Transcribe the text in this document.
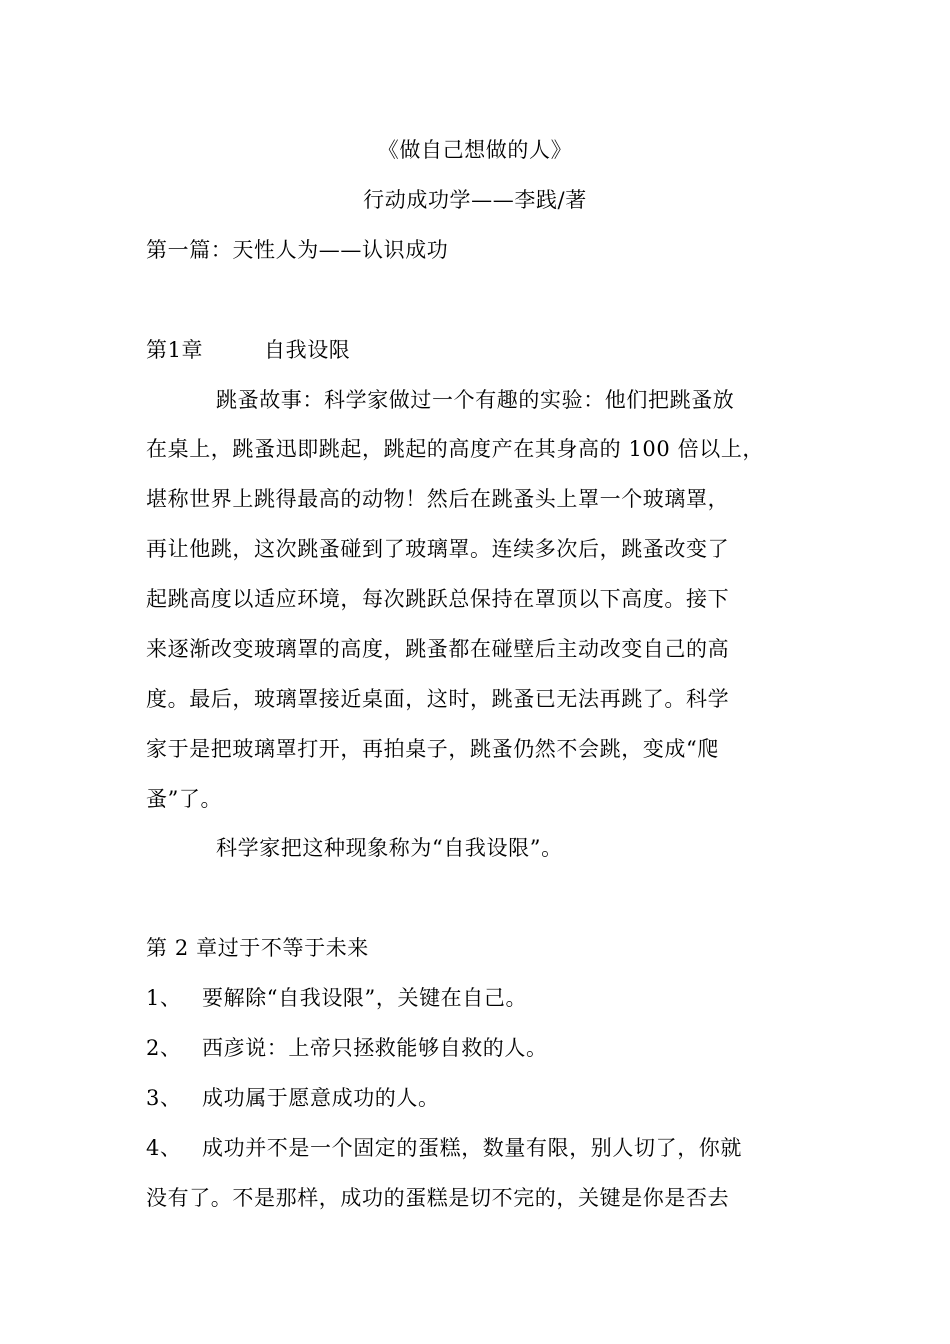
《做自己想做的人》
行动成功学——李践/著
第一篇：天性人为——认识成功
第1章	自我设限
跳蚤故事：科学家做过一个有趣的实验：他们把跳蚤放
在桌上，跳蚤迅即跳起，跳起的高度产在其身高的 100 倍以上，
堪称世界上跳得最高的动物！然后在跳蚤头上罩一个玻璃罩，
再让他跳，这次跳蚤碰到了玻璃罩。连续多次后，跳蚤改变了
起跳高度以适应环境，每次跳跃总保持在罩顶以下高度。接下
来逐渐改变玻璃罩的高度，跳蚤都在碰壁后主动改变自己的高
度。最后，玻璃罩接近桌面，这时，跳蚤已无法再跳了。科学
家于是把玻璃罩打开，再拍桌子，跳蚤仍然不会跳，变成“爬
蚤”了。
科学家把这种现象称为“自我设限”。
第 2 章过于不等于未来
1、 要解除“自我设限”，关键在自己。
2、 西彦说：上帝只拯救能够自救的人。
3、 成功属于愿意成功的人。
4、 成功并不是一个固定的蛋糕，数量有限，别人切了，你就
没有了。不是那样，成功的蛋糕是切不完的，关键是你是否去
